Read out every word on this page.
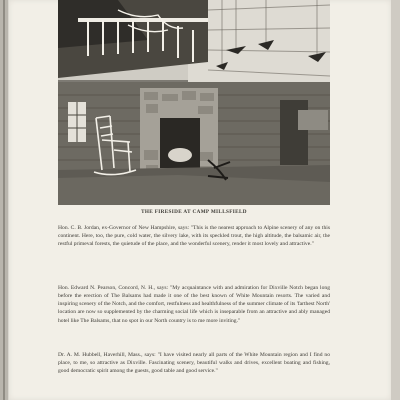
THE FIRESIDE AT CAMP MILLSFIELD
Hon. C. B. Jordan, ex-Governor of New Hampshire, says: "This is the nearest approach to Alpine scenery of any on this continent. Here, too, the pure, cold water, the silvery lake, with its speckled trout, the high altitude, the balsamic air, the restful primeval forests, the quietude of the place, and the wonderful scenery, render it most lovely and attractive."
Hon. Edward N. Pearson, Concord, N. H., says: "My acquaintance with and admiration for Dixville Notch began long before the erection of The Balsams had made it one of the best known of White Mountain resorts. The varied and inspiring scenery of the Notch, and the comfort, restfulness and healthfulness of the summer climate of its 'farthest North' location are now so supplemented by the charming social life which is inseparable from an attractive and ably managed hotel like The Balsams, that no spot in our North country is to me more inviting."
Dr. A. M. Hubbell, Haverhill, Mass., says: "I have visited nearly all parts of the White Mountain region and I find no place, to me, so attractive as Dixville. Fascinating scenery, beautiful walks and drives, excellent boating and fishing, good democratic spirit among the guests, good table and good service."
